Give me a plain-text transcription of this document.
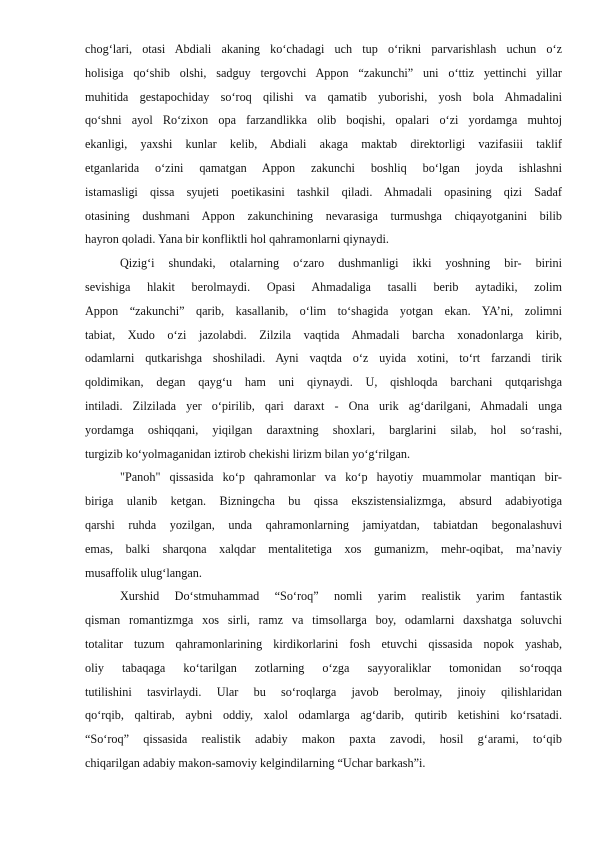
chog‘lari, otasi Abdiali akaning ko‘chadagi uch tup o‘rikni parvarishlash uchun o‘z
holisiga qo‘shib olshi, sadguy tergovchi Appon “zakunchi” uni o‘ttiz yettinchi yillar
muhitida gestapochiday so‘roq qilishi va qamatib yuborishi, yosh bola Ahmadalini
qo‘shni ayol Ro‘zixon opa farzandlikka olib boqishi, opalari o‘zi yordamga muhtoj
ekanligi, yaxshi kunlar kelib, Abdiali akaga maktab direktorligi vazifasiii taklif
etganlarida o‘zini qamatgan Appon zakunchi boshliq bo‘lgan joyda ishlashni
istamasligi qissa syujeti poetikasini tashkil qiladi. Ahmadali opasining qizi Sadaf
otasining dushmani Appon zakunchining nevarasiga turmushga chiqayotganini bilib
hayron qoladi. Yana bir konfliktli hol qahramonlarni qiynaydi.
Qizig‘i shundaki, otalarning o‘zaro dushmanligi ikki yoshning bir- birini
sevishiga hlakit berolmaydi. Opasi Ahmadaliga tasalli berib aytadiki, zolim
Appon “zakunchi” qarib, kasallanib, o‘lim to‘shagida yotgan ekan. YA’ni, zolimni
tabiat, Xudo o‘zi jazolabdi. Zilzila vaqtida Ahmadali barcha xonadonlarga kirib,
odamlarni qutkarishga shoshiladi. Ayni vaqtda o‘z uyida xotini, to‘rt farzandi tirik
qoldimikan, degan qayg‘u ham uni qiynaydi. U, qishloqda barchani qutqarishga
intiladi. Zilzilada yer o‘pirilib, qari daraxt - Ona urik ag‘darilgani, Ahmadali unga
yordamga oshiqqani, yiqilgan daraxtning shoxlari, barglarini silab, hol so‘rashi,
turgizib ko‘yolmaganidan iztirob chekishi lirizm bilan yo‘g‘rilgan.
"Panoh" qissasida ko‘p qahramonlar va ko‘p hayotiy muammolar mantiqan bir-
biriga ulanib ketgan. Bizningcha bu qissa ekszistensializmga, absurd adabiyotiga
qarshi ruhda yozilgan, unda qahramonlarning jamiyatdan, tabiatdan begonalashuvi
emas, balki sharqona xalqdar mentalitetiga xos gumanizm, mehr-oqibat, ma’naviy
musaffolik ulug‘langan.
Xurshid Do‘stmuhammad “So‘roq” nomli yarim realistik yarim fantastik
qisman romantizmga xos sirli, ramz va timsollarga boy, odamlarni daxshatga soluvchi
totalitar tuzum qahramonlarining kirdikorlarini fosh etuvchi qissasida nopok yashab,
oliy tabaqaga ko‘tarilgan zotlarning o‘zga sayyoraliklar tomonidan so‘roqqa
tutilishini tasvirlaydi. Ular bu so‘roqlarga javob berolmay, jinoiy qilishlaridan
qo‘rqib, qaltirab, aybni oddiy, xalol odamlarga ag‘darib, qutirib ketishini ko‘rsatadi.
“So‘roq” qissasida realistik adabiy makon paxta zavodi, hosil g‘arami, to‘qib
chiqarilgan adabiy makon-samoviy kelgindilarning “Uchar barkash”i.
